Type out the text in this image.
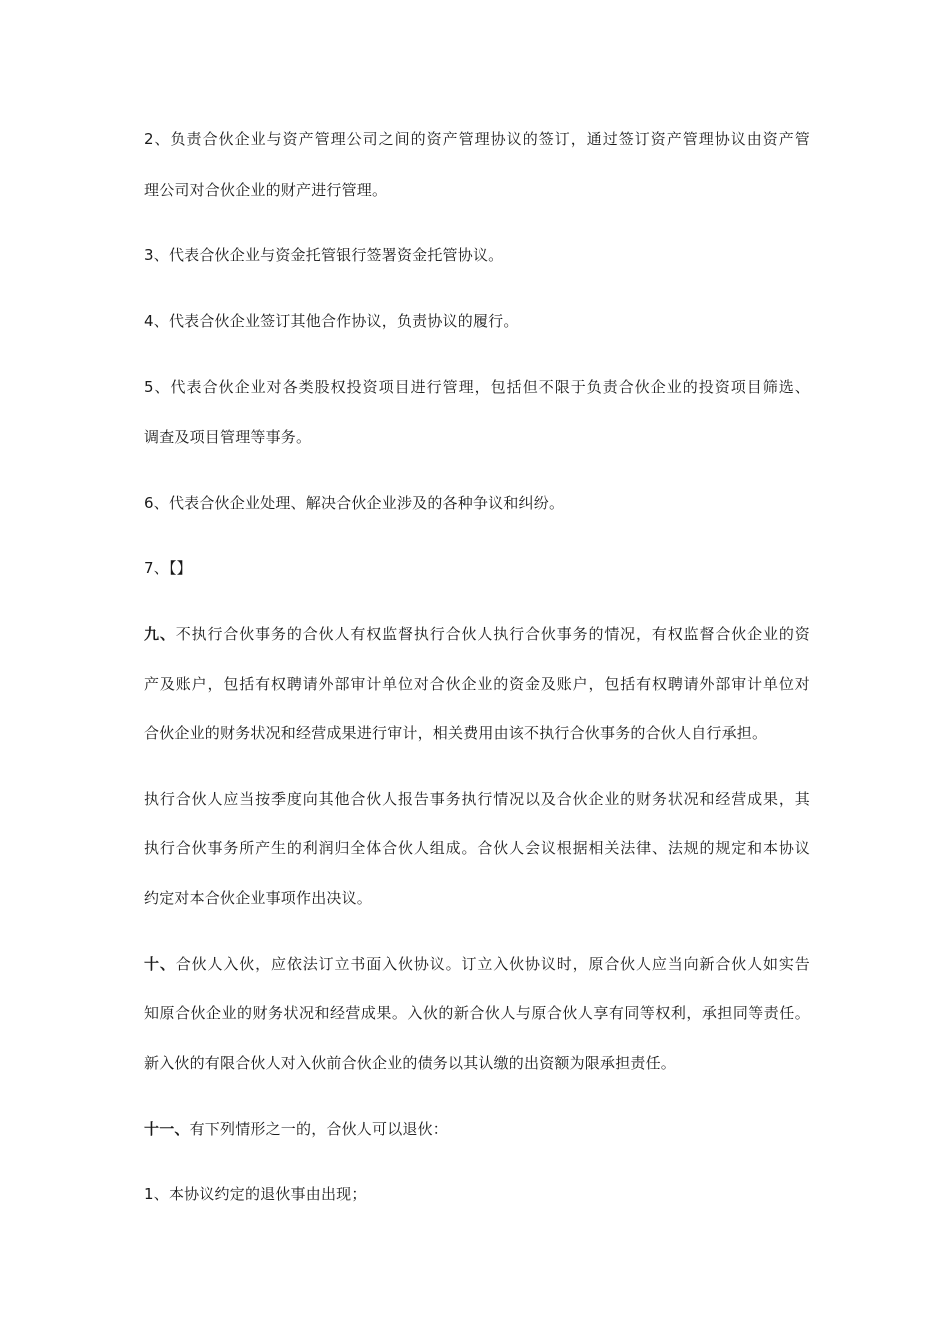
2、负责合伙企业与资产管理公司之间的资产管理协议的签订，通过签订资产管理协议由资产管
理公司对合伙企业的财产进行管理。
3、代表合伙企业与资金托管银行签署资金托管协议。
4、代表合伙企业签订其他合作协议，负责协议的履行。
5、代表合伙企业对各类股权投资项目进行管理，包括但不限于负责合伙企业的投资项目筛选、
调查及项目管理等事务。
6、代表合伙企业处理、解决合伙企业涉及的各种争议和纠纷。
7、【】
九、不执行合伙事务的合伙人有权监督执行合伙人执行合伙事务的情况，有权监督合伙企业的资
产及账户，包括有权聘请外部审计单位对合伙企业的资金及账户，包括有权聘请外部审计单位对
合伙企业的财务状况和经营成果进行审计，相关费用由该不执行合伙事务的合伙人自行承担。
执行合伙人应当按季度向其他合伙人报告事务执行情况以及合伙企业的财务状况和经营成果，其
执行合伙事务所产生的利润归全体合伙人组成。合伙人会议根据相关法律、法规的规定和本协议
约定对本合伙企业事项作出决议。
十、合伙人入伙，应依法订立书面入伙协议。订立入伙协议时，原合伙人应当向新合伙人如实告
知原合伙企业的财务状况和经营成果。入伙的新合伙人与原合伙人享有同等权利，承担同等责任。
新入伙的有限合伙人对入伙前合伙企业的债务以其认缴的出资额为限承担责任。
十一、有下列情形之一的，合伙人可以退伙：
1、本协议约定的退伙事由出现；
